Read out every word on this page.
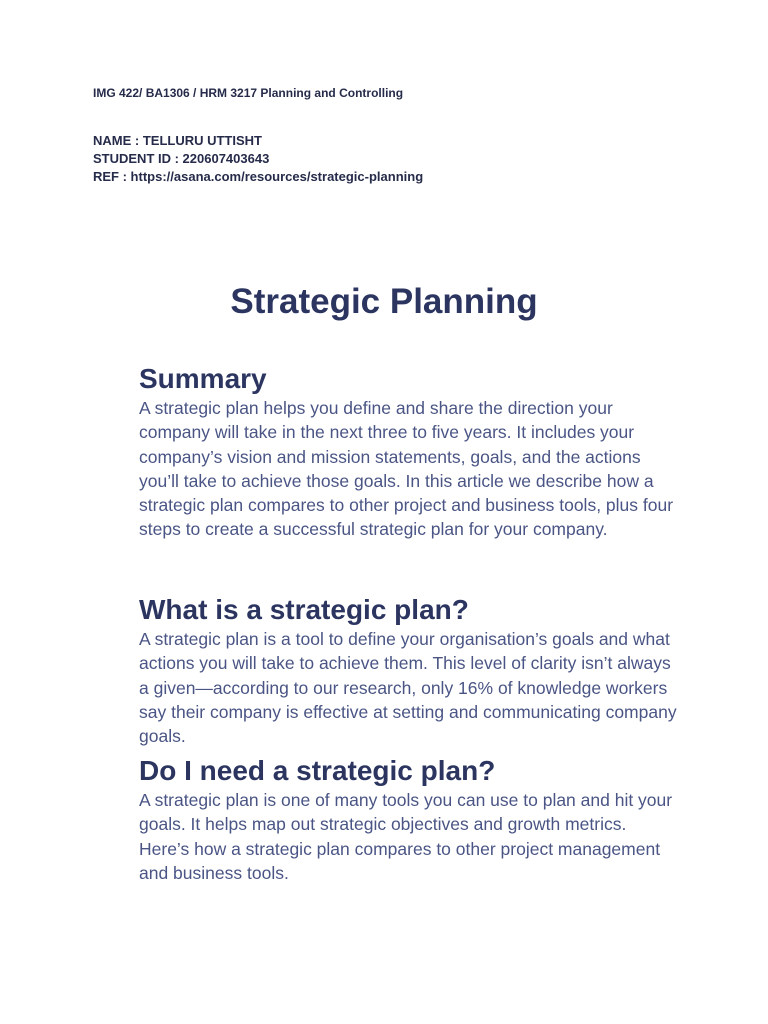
IMG 422/ BA1306 / HRM 3217 Planning and Controlling
NAME : TELLURU UTTISHT
STUDENT ID : 220607403643
REF : https://asana.com/resources/strategic-planning
Strategic Planning
Summary

A strategic plan helps you define and share the direction your company will take in the next three to five years. It includes your company’s vision and mission statements, goals, and the actions you’ll take to achieve those goals. In this article we describe how a strategic plan compares to other project and business tools, plus four steps to create a successful strategic plan for your company.

What is a strategic plan?

A strategic plan is a tool to define your organisation’s goals and what actions you will take to achieve them. This level of clarity isn’t always a given—according to our research, only 16% of knowledge workers say their company is effective at setting and communicating company goals.

Do I need a strategic plan?

A strategic plan is one of many tools you can use to plan and hit your goals. It helps map out strategic objectives and growth metrics. Here’s how a strategic plan compares to other project management and business tools.
